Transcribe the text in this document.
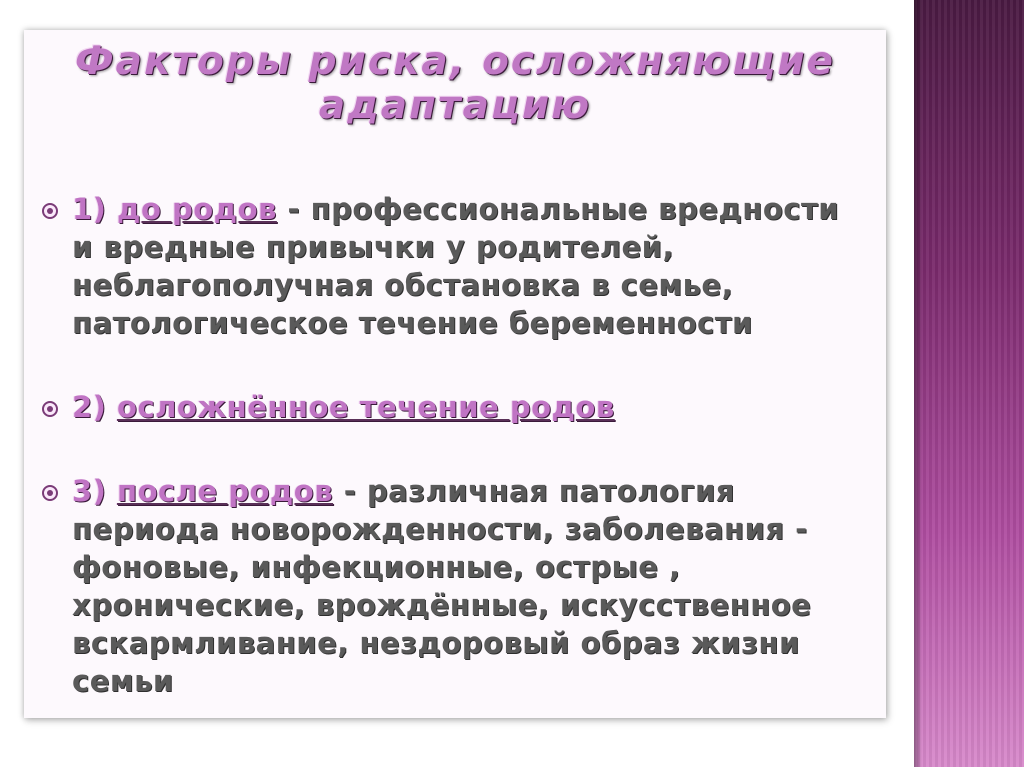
Факторы риска, осложняющие адаптацию
1) до родов - профессиональные вредности и вредные привычки у родителей, неблагополучная обстановка в семье, патологическое течение беременности
2) осложнённое течение родов
3) после родов - различная патология периода новорожденности, заболевания - фоновые, инфекционные, острые , хронические, врождённые, искусственное вскармливание, нездоровый образ жизни семьи
